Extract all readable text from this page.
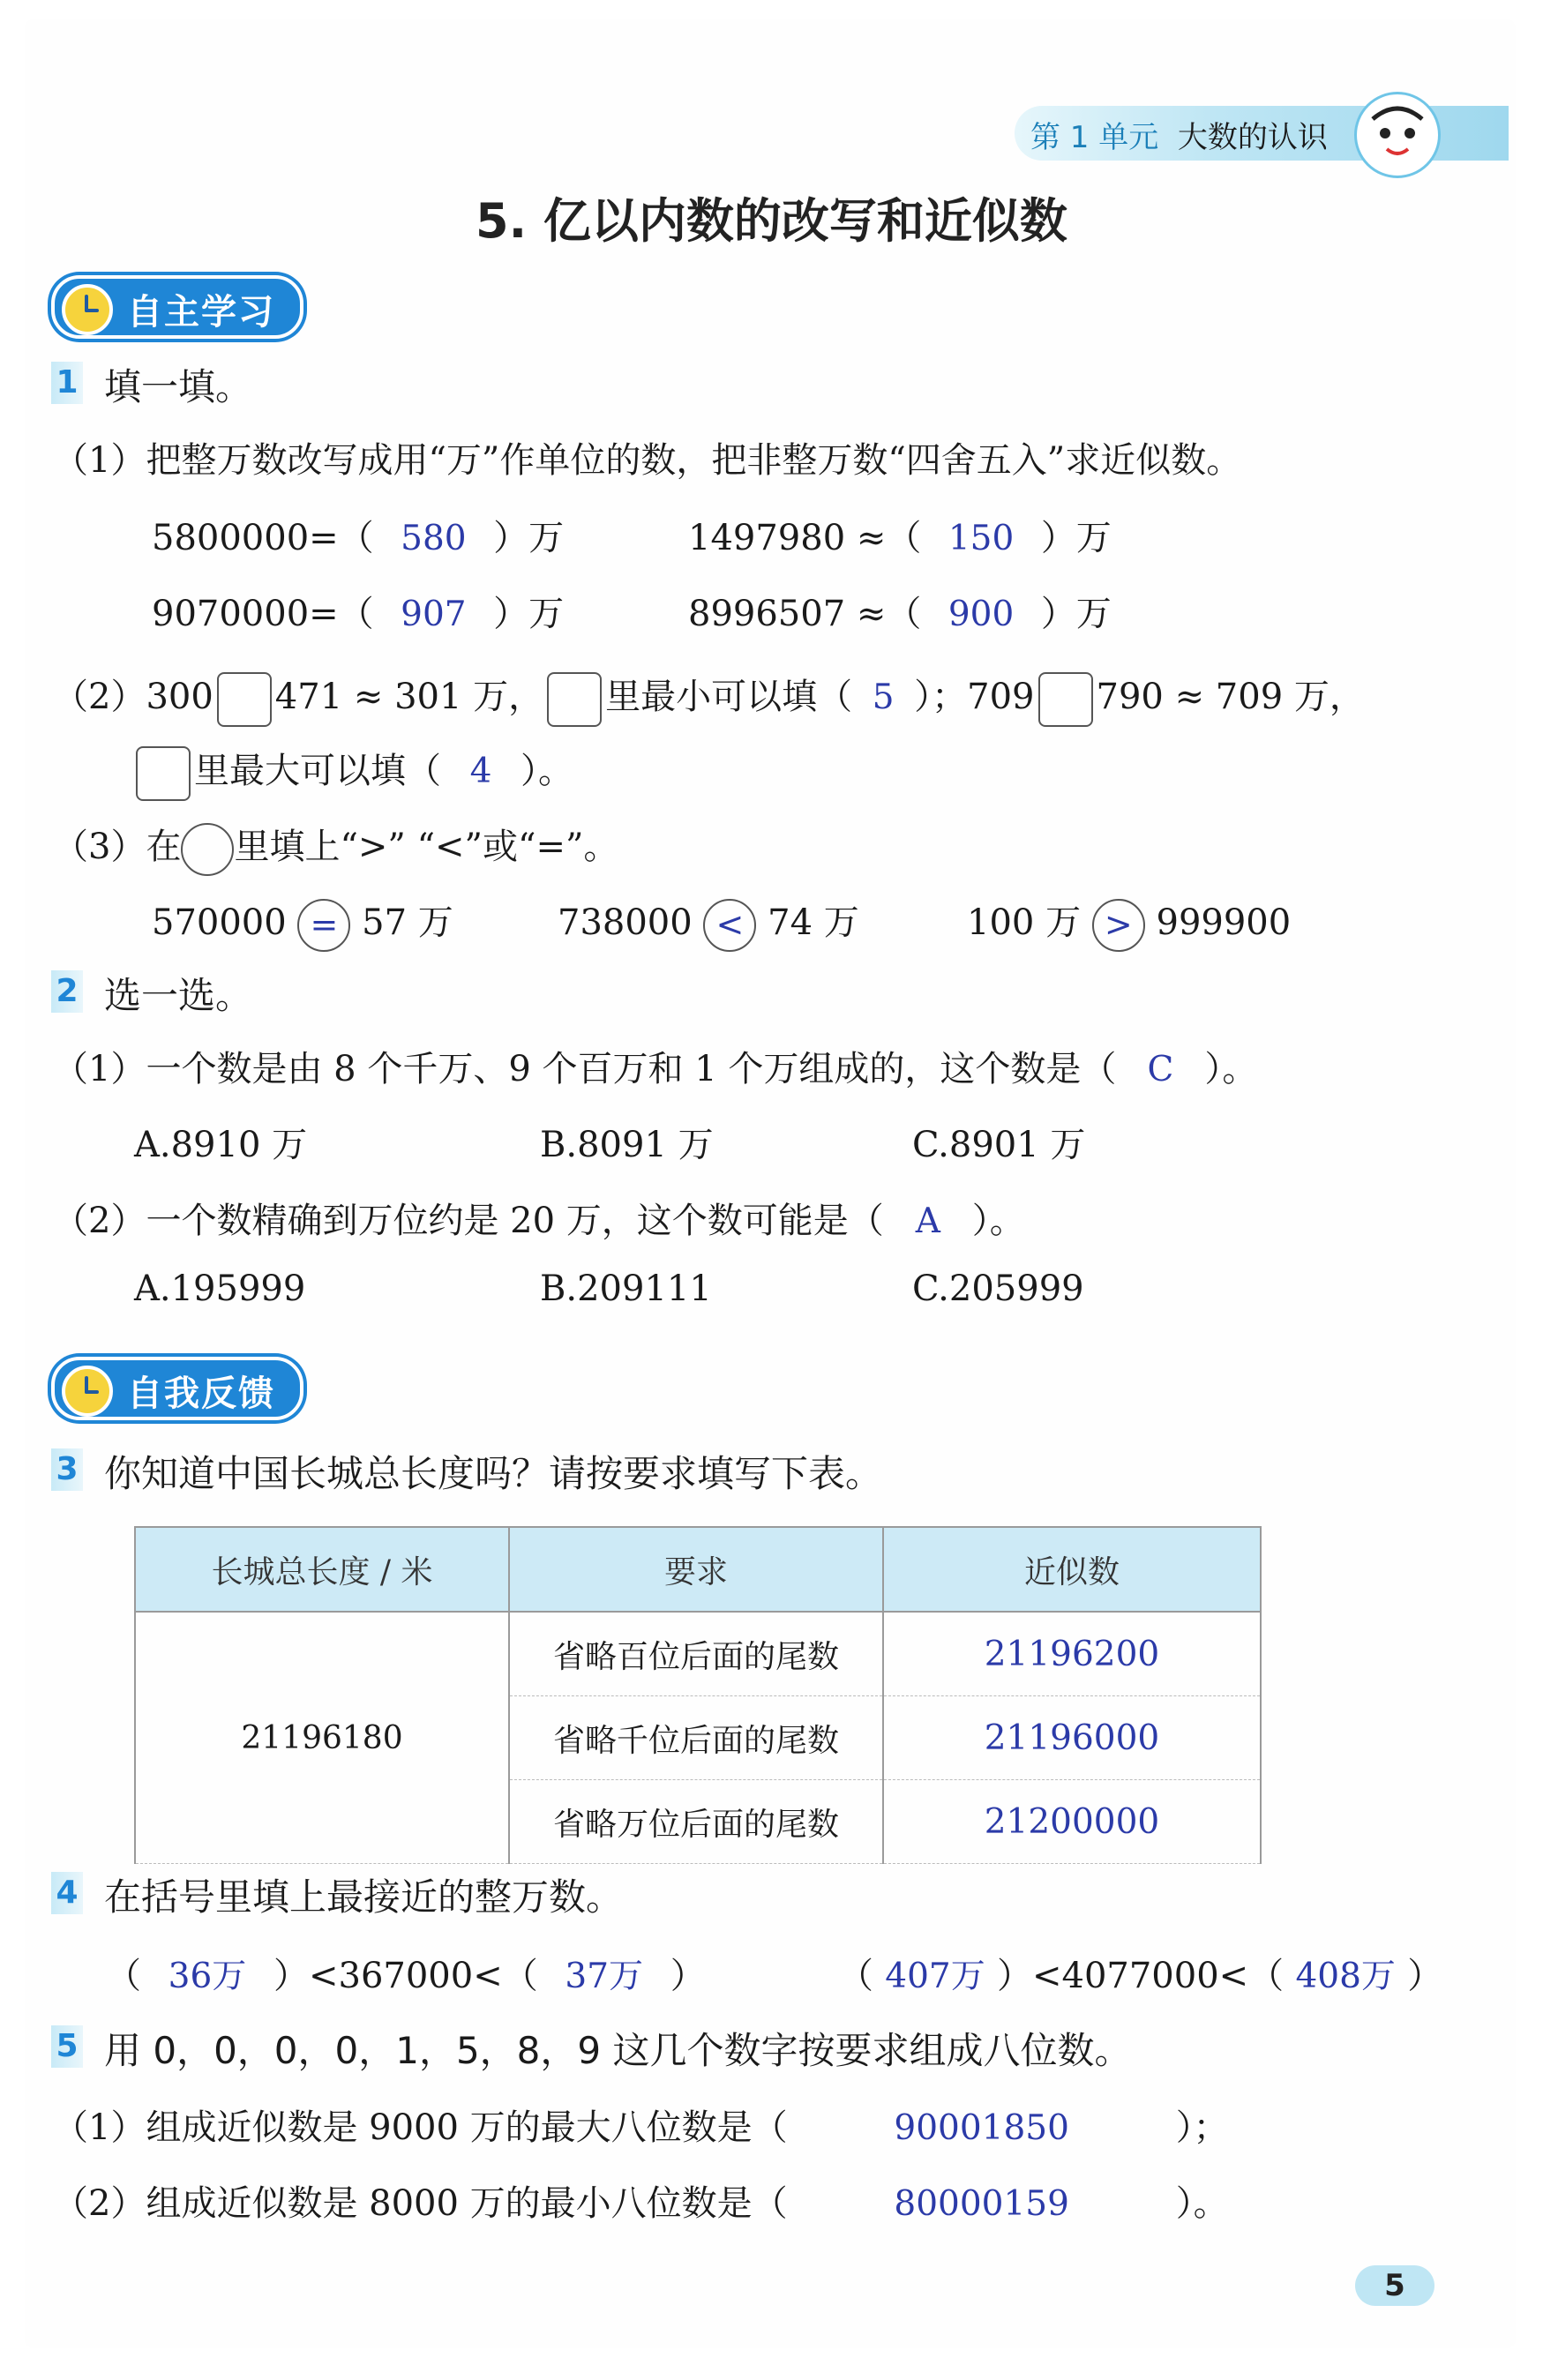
第 1 单元 大数的认识
5. 亿以内数的改写和近似数
自主学习
1 填一填。
（1）把整万数改写成用“万”作单位的数，把非整万数“四舍五入”求近似数。
5800000=（ 580 ）万	1497980 ≈（ 150 ）万
9070000=（ 907 ）万	8996507 ≈（ 900 ）万
（2）300 471 ≈ 301 万， 里最小可以填（ 5 ）；709 790 ≈ 709 万，
里最大可以填（ 4 ）。
（3）在 里填上“>” “<”或“=”。
570000 = 57 万	738000 < 74 万	100 万 > 999900
2 选一选。
（1）一个数是由 8 个千万、9 个百万和 1 个万组成的，这个数是（ C ）。
A.8910 万	B.8091 万	C.8901 万
（2）一个数精确到万位约是 20 万，这个数可能是（ A ）。
A.195999	B.209111	C.205999
自我反馈
3 你知道中国长城总长度吗？请按要求填写下表。
长城总长度 / 米	要求	近似数
21196180	省略百位后面的尾数	21196200
	省略千位后面的尾数	21196000
	省略万位后面的尾数	21200000
4 在括号里填上最接近的整万数。
（ 36万 ）<367000<（ 37万 ）	（ 407万 ）<4077000<（ 408万 ）
5 用 0，0，0，0，1，5，8，9 这几个数字按要求组成八位数。
（1）组成近似数是 9000 万的最大八位数是（	90001850	）；
（2）组成近似数是 8000 万的最小八位数是（	80000159	）。
5
